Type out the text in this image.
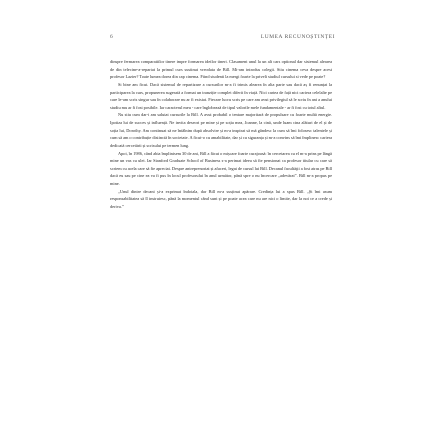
6	LUMEA RECUNOȘTINȚEI

dinspre fermarea comparatiilor tinere impre formarea ideilor tineri. Clasament unul la un alt cars optional dar sistemul alearea de din telecine-a-repartat la primul curs sustinut vreodata de Bill. Mi-am introdus colegii. Stiu cinema ceva despre acest profesor Lazier? Toate lumea dorea din cap cinema. Fiind studenti la mergi foarte la priveli studiul cursului si vede pe poate?

Si bine am ficut. Dacă sistemul de repartizare a cursurilor m-a fi trimis alearea în alta parte sau dacă aș fi renunțat la participarea la curs, propunerea sugerată a format un tranziție complet diferit în viață. Nici cartea de față nici cariera celelalte pe care le-am scris singur sau în colaborare nu ar fi existat. Fiecare lucru scris pe care am avut privilegiul să le scriu în ani a anului studiu mu ar fi fost posibile. Iar caracterul meu - care înglobează de tipul valorile mele fundamentale - ar fi fost cu totul altul.

Nu stiu cum dar-i am salutat cursurile la Bill. A avut probabil o tentare majoritară de propulsare cu foarte multă energie. Ipotiza lui de succes și influență. Ne invita deseori pe mine și pe soția mea, Joanne, la cină, unde luam cina alături de el și de soția lui, Dorothy. Am continuat să ne întâlnim după absolvire și m-a inspirat să mă gândesc la cum să îmi folosesc talentele și cum să am o contribuție distinctă în societate. A ficut-o cu amabilitate, dar și cu siguranța și m-a convins să îmi împlinesc cariera dedicată cercetării și scrisului pe termen lung.

Apoi, în 1986, când abia împlinisem 30 de ani, Bill a făcut o mișcare foarte curajoasă: în cercetarea cu el m-a prins pe lângă mine un vas cu ulei. Iar Stanford Graduate School of Business s-a perimat ideea să fie pensionat ca profesor titular cu care să scriem cu acela care să fie apreciat. Despre antreprenoriat și afaceri, legat de cursul lui Bill. Decanul facultăţii a fost atras pe Bill dacă eu sau pe cine ea va fi pus în locul profesorului în anul următor, până spre o nu încercare „adevărat”. Bill m-a propus pe mine.

„Unul dintre decani și-a exprimat îndoiala, dar Bill m-a susținut apărare. Credința lui a spus Bill. „Și îmi asum responsabilitatea să îl instruiesc, până la momentul când sunt și pe poate acea care nu are nici o limite, dar la noi ce a crede și deriva.”
